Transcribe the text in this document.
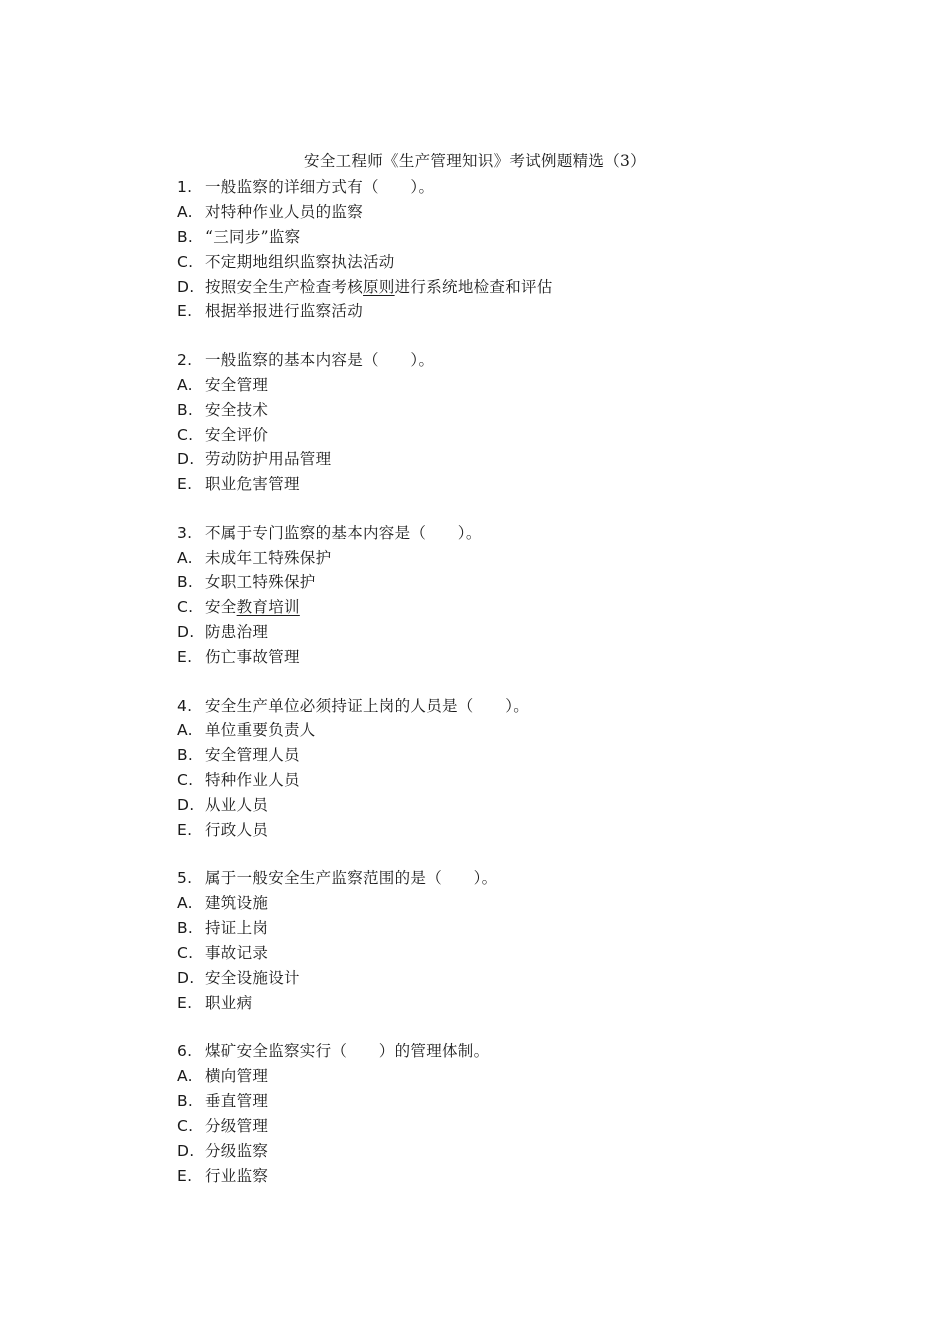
安全工程师《生产管理知识》考试例题精选（3）
1. 一般监察的详细方式有（　　）。
A. 对特种作业人员的监察
B. “三同步”监察
C. 不定期地组织监察执法活动
D. 按照安全生产检查考核原则进行系统地检查和评估
E. 根据举报进行监察活动
2. 一般监察的基本内容是（　　）。
A. 安全管理
B. 安全技术
C. 安全评价
D. 劳动防护用品管理
E. 职业危害管理
3. 不属于专门监察的基本内容是（　　）。
A. 未成年工特殊保护
B. 女职工特殊保护
C. 安全教育培训
D. 防患治理
E. 伤亡事故管理
4. 安全生产单位必须持证上岗的人员是（　　）。
A. 单位重要负责人
B. 安全管理人员
C. 特种作业人员
D. 从业人员
E. 行政人员
5. 属于一般安全生产监察范围的是（　　）。
A. 建筑设施
B. 持证上岗
C. 事故记录
D. 安全设施设计
E. 职业病
6. 煤矿安全监察实行（　　）的管理体制。
A. 横向管理
B. 垂直管理
C. 分级管理
D. 分级监察
E. 行业监察
